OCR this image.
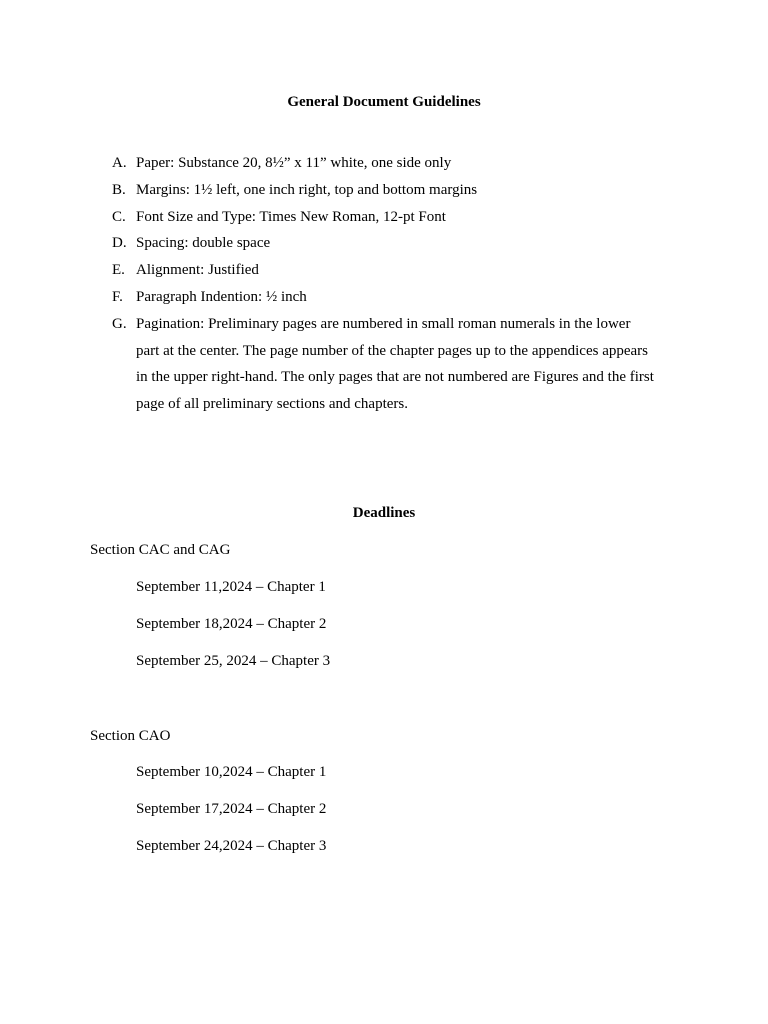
General Document Guidelines
A. Paper: Substance 20, 8½” x 11” white, one side only
B. Margins: 1½ left, one inch right, top and bottom margins
C. Font Size and Type: Times New Roman, 12-pt Font
D. Spacing: double space
E. Alignment: Justified
F. Paragraph Indention: ½ inch
G. Pagination: Preliminary pages are numbered in small roman numerals in the lower part at the center. The page number of the chapter pages up to the appendices appears in the upper right-hand. The only pages that are not numbered are Figures and the first page of all preliminary sections and chapters.
Deadlines
Section CAC and CAG
September 11,2024 – Chapter 1
September 18,2024 – Chapter 2
September 25, 2024 – Chapter 3
Section CAO
September 10,2024 – Chapter 1
September 17,2024 – Chapter 2
September 24,2024 – Chapter 3
